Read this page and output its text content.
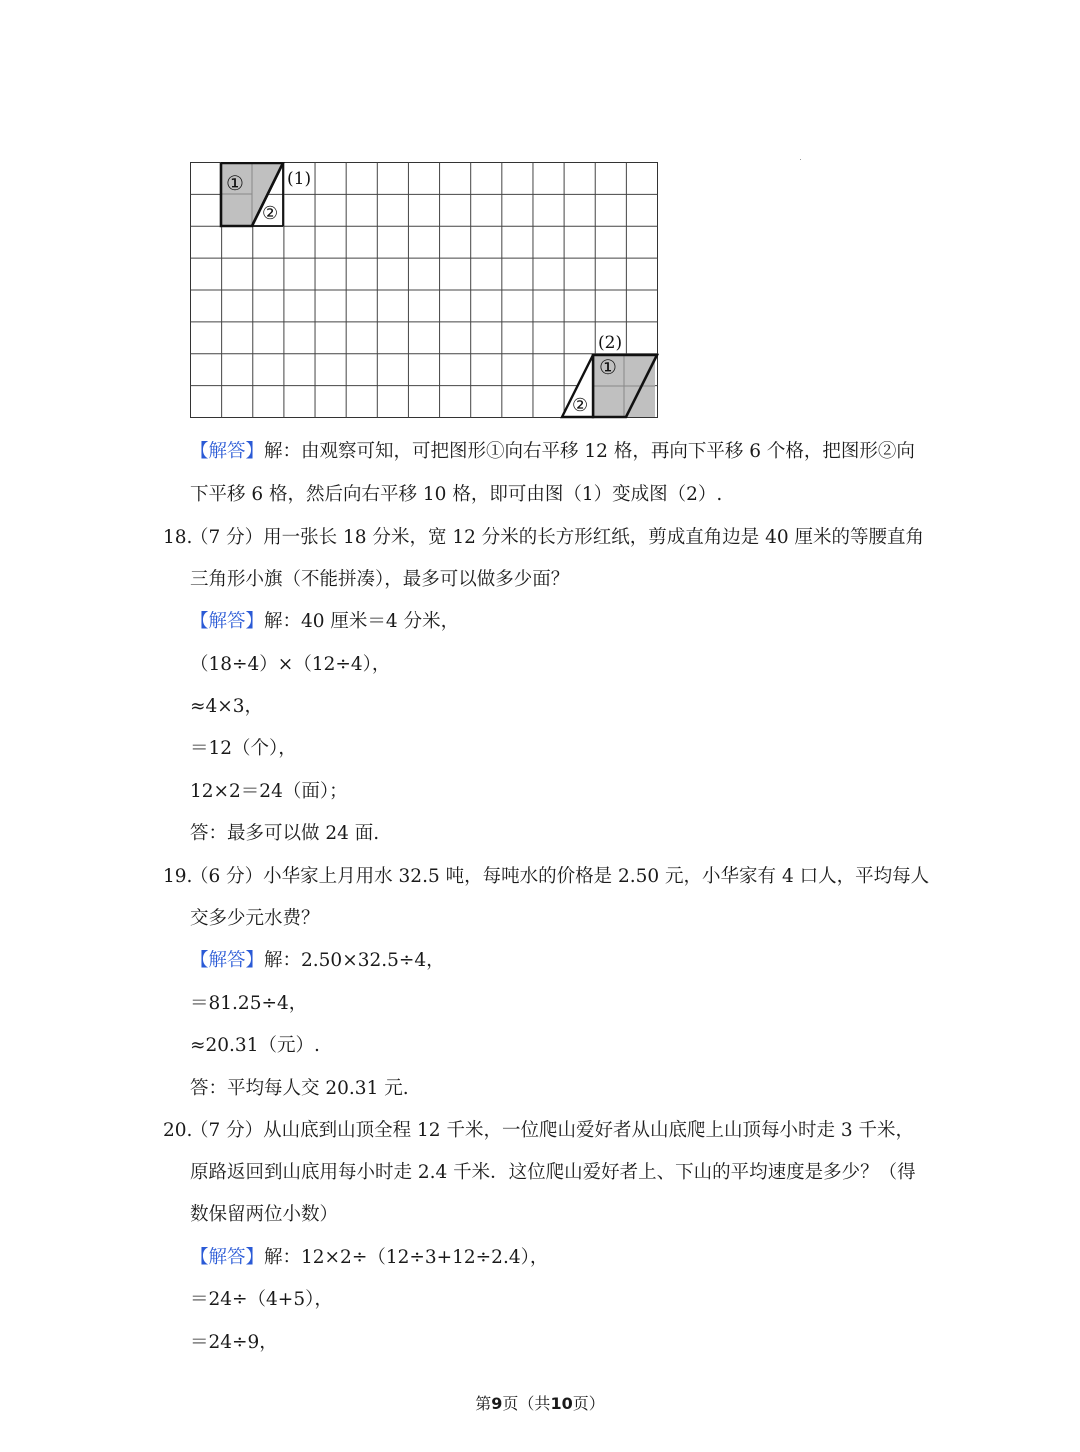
①
②
(1)
①
②
(2)
【解答】解：由观察可知，可把图形①向右平移 12 格，再向下平移 6 个格，把图形②向
下平移 6 格，然后向右平移 10 格，即可由图（1）变成图（2）.
18.
（7 分）用一张长 18 分米，宽 12 分米的长方形红纸，剪成直角边是 40 厘米的等腰直角
三角形小旗（不能拼凑），最多可以做多少面？
【解答】解：40 厘米＝4 分米，
（18÷4）×（12÷4），
≈4×3，
＝12（个），
12×2＝24（面）；
答：最多可以做 24 面.
19.
（6 分）小华家上月用水 32.5 吨，每吨水的价格是 2.50 元，小华家有 4 口人，平均每人
交多少元水费？
【解答】解：2.50×32.5÷4，
＝81.25÷4，
≈20.31（元）.
答：平均每人交 20.31 元.
20.
（7 分）从山底到山顶全程 12 千米，一位爬山爱好者从山底爬上山顶每小时走 3 千米，
原路返回到山底用每小时走 2.4 千米．这位爬山爱好者上、下山的平均速度是多少？（得
数保留两位小数）
【解答】解：12×2÷（12÷3+12÷2.4），
＝24÷（4+5），
＝24÷9，
第9页（共10页）
